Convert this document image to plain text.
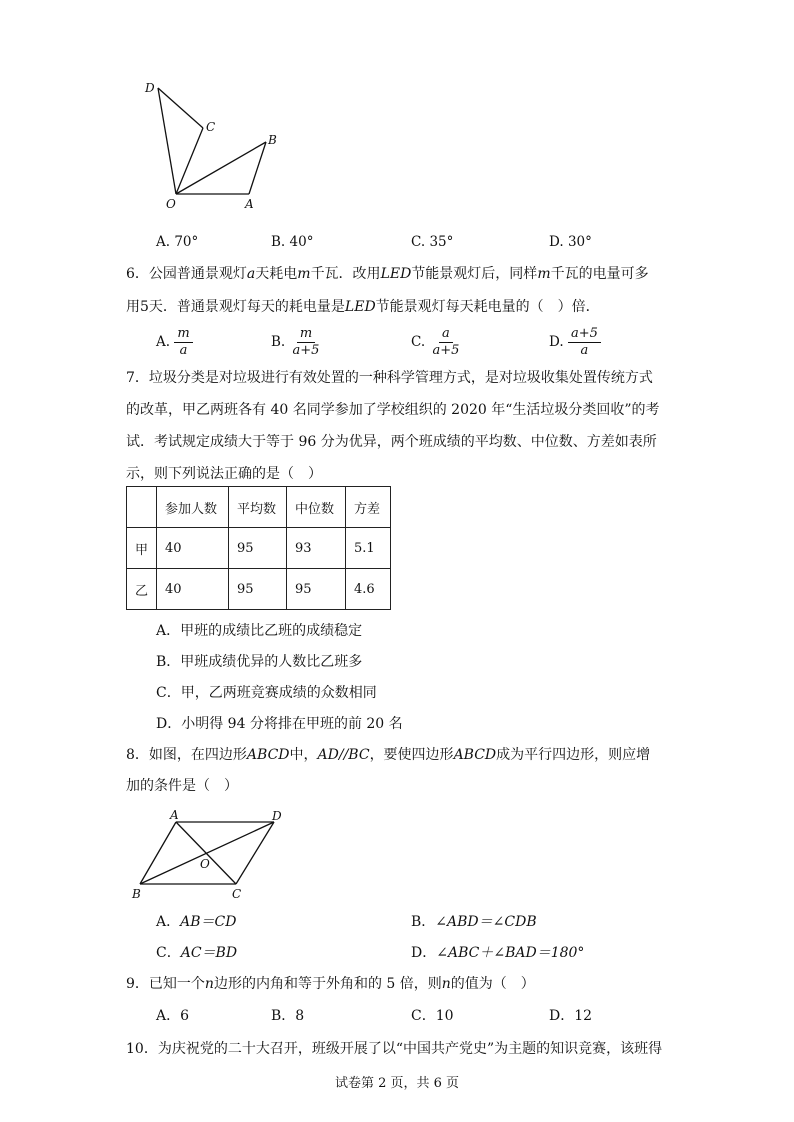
D
C
B
O	A
A. 70°	B. 40°	C. 35°	D. 30°
6．公园普通景观灯a天耗电m千瓦．改用LED节能景观灯后，同样m千瓦的电量可多
用5天．普通景观灯每天的耗电量是LED节能景观灯每天耗电量的（　）倍．
A. $\frac{m}{a}$	B. $\frac{m}{a+5}$	C. $\frac{a}{a+5}$	D. $\frac{a+5}{a}$
7．垃圾分类是对垃圾进行有效处置的一种科学管理方式，是对垃圾收集处置传统方式
的改革，甲乙两班各有 40 名同学参加了学校组织的 2020 年“生活垃圾分类回收”的考
试．考试规定成绩大于等于 96 分为优异，两个班成绩的平均数、中位数、方差如表所
示，则下列说法正确的是（　）
	参加人数	平均数	中位数	方差
甲	40	95	93	5.1
乙	40	95	95	4.6
A．甲班的成绩比乙班的成绩稳定
B．甲班成绩优异的人数比乙班多
C．甲，乙两班竞赛成绩的众数相同
D．小明得 94 分将排在甲班的前 20 名
8．如图，在四边形ABCD中，AD//BC，要使四边形ABCD成为平行四边形，则应增
加的条件是（　）
A	D
O
B	C
A．AB＝CD	B．∠ABD＝∠CDB
C．AC＝BD	D．∠ABC＋∠BAD＝180°
9．已知一个n边形的内角和等于外角和的 5 倍，则n的值为（　）
A．6	B．8	C．10	D．12
10．为庆祝党的二十大召开，班级开展了以“中国共产党史”为主题的知识竞赛，该班得
试卷第 2 页，共 6 页
